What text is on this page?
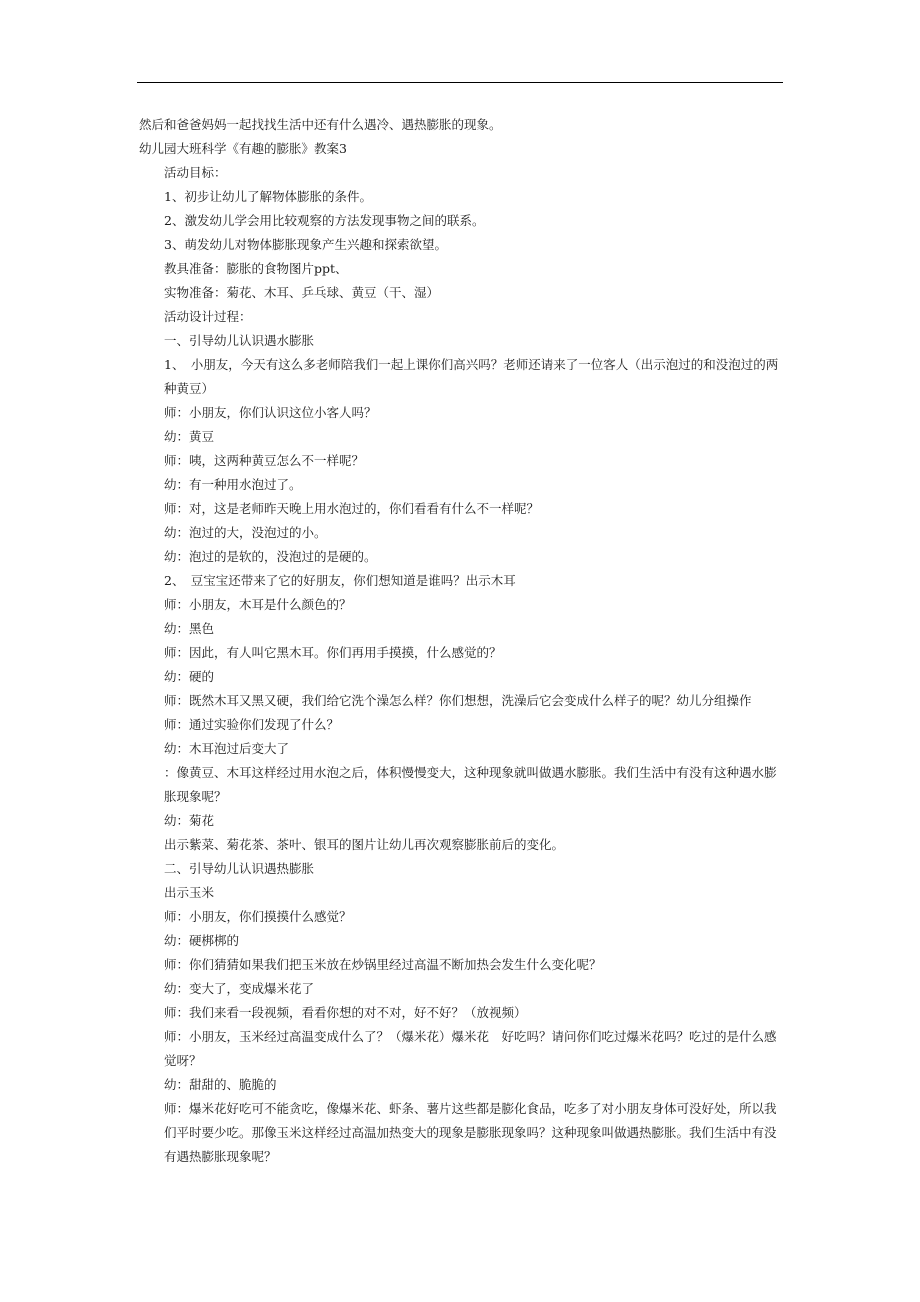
然后和爸爸妈妈一起找找生活中还有什么遇冷、遇热膨胀的现象。
幼儿园大班科学《有趣的膨胀》教案3
活动目标：
1、初步让幼儿了解物体膨胀的条件。
2、激发幼儿学会用比较观察的方法发现事物之间的联系。
3、萌发幼儿对物体膨胀现象产生兴趣和探索欲望。
教具准备：膨胀的食物图片ppt、
实物准备：菊花、木耳、乒乓球、黄豆（干、湿）
活动设计过程：
一、引导幼儿认识遇水膨胀
1、　小朋友，今天有这么多老师陪我们一起上课你们高兴吗？老师还请来了一位客人（出示泡过的和没泡过的两种黄豆）
师：小朋友，你们认识这位小客人吗？
幼：黄豆
师：咦，这两种黄豆怎么不一样呢？
幼：有一种用水泡过了。
师：对，这是老师昨天晚上用水泡过的，你们看看有什么不一样呢？
幼：泡过的大，没泡过的小。
幼：泡过的是软的，没泡过的是硬的。
2、　豆宝宝还带来了它的好朋友，你们想知道是谁吗？出示木耳
师：小朋友，木耳是什么颜色的？
幼：黑色
师：因此，有人叫它黑木耳。你们再用手摸摸，什么感觉的？
幼：硬的
师：既然木耳又黑又硬，我们给它洗个澡怎么样？你们想想，洗澡后它会变成什么样子的呢？幼儿分组操作
师：通过实验你们发现了什么？
幼：木耳泡过后变大了
：像黄豆、木耳这样经过用水泡之后，体积慢慢变大，这种现象就叫做遇水膨胀。我们生活中有没有这种遇水膨胀现象呢？
幼：菊花
出示紫菜、菊花茶、茶叶、银耳的图片让幼儿再次观察膨胀前后的变化。
二、引导幼儿认识遇热膨胀
出示玉米
师：小朋友，你们摸摸什么感觉？
幼：硬梆梆的
师：你们猜猜如果我们把玉米放在炒锅里经过高温不断加热会发生什么变化呢？
幼：变大了，变成爆米花了
师：我们来看一段视频，看看你想的对不对，好不好？（放视频）
师：小朋友，玉米经过高温变成什么了？（爆米花）爆米花　好吃吗？请问你们吃过爆米花吗？吃过的是什么感觉呀？
幼：甜甜的、脆脆的
师：爆米花好吃可不能贪吃，像爆米花、虾条、薯片这些都是膨化食品，吃多了对小朋友身体可没好处，所以我们平时要少吃。那像玉米这样经过高温加热变大的现象是膨胀现象吗？这种现象叫做遇热膨胀。我们生活中有没有遇热膨胀现象呢？
